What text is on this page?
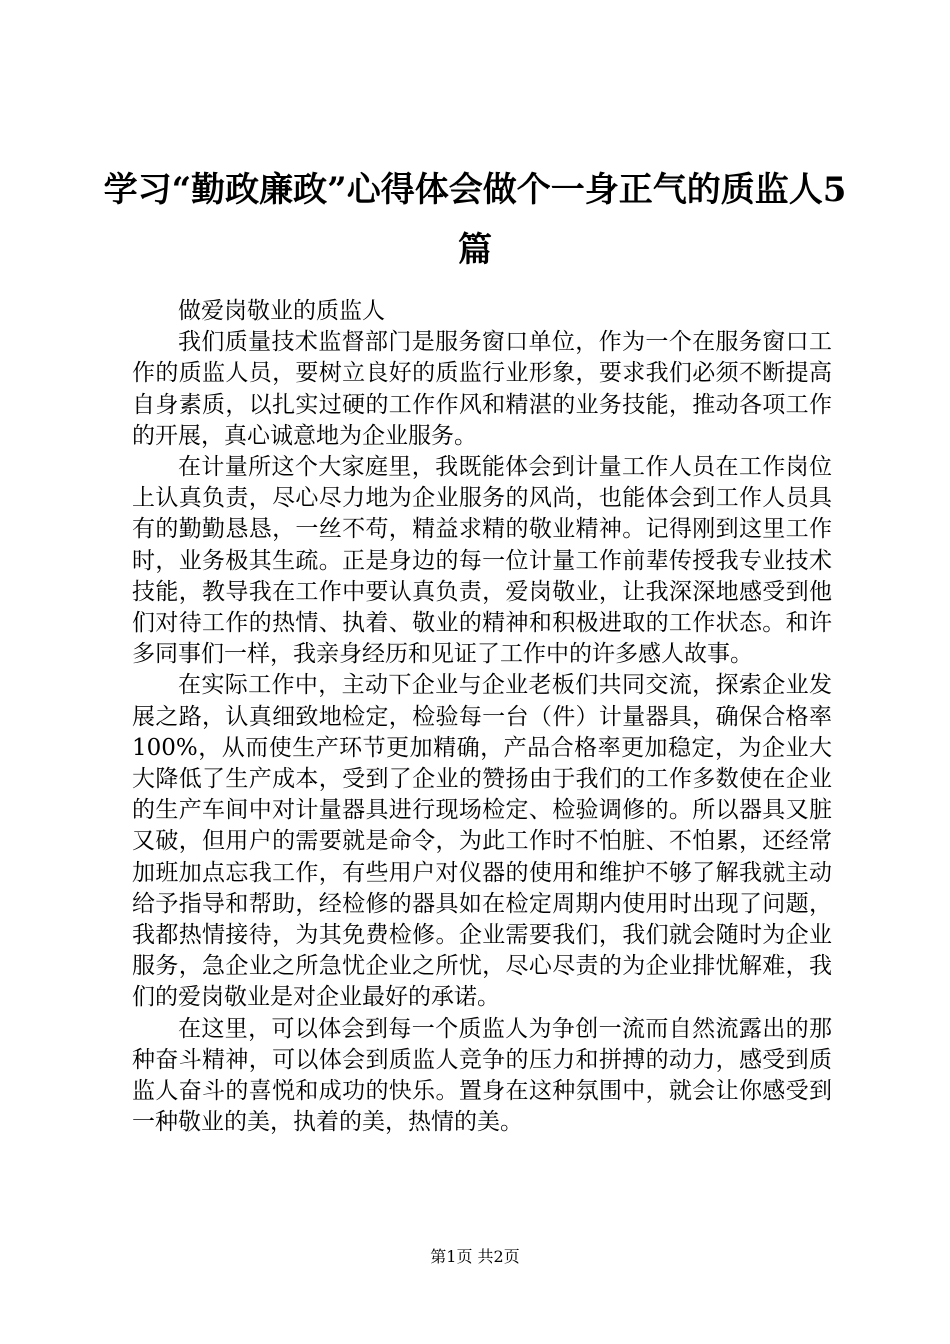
学习“勤政廉政”心得体会做个一身正气的质监人5篇

做爱岗敬业的质监人

我们质量技术监督部门是服务窗口单位，作为一个在服务窗口工作的质监人员，要树立良好的质监行业形象，要求我们必须不断提高自身素质，以扎实过硬的工作作风和精湛的业务技能，推动各项工作的开展，真心诚意地为企业服务。

在计量所这个大家庭里，我既能体会到计量工作人员在工作岗位上认真负责，尽心尽力地为企业服务的风尚，也能体会到工作人员具有的勤勤恳恳，一丝不苟，精益求精的敬业精神。记得刚到这里工作时，业务极其生疏。正是身边的每一位计量工作前辈传授我专业技术技能，教导我在工作中要认真负责，爱岗敬业，让我深深地感受到他们对待工作的热情、执着、敬业的精神和积极进取的工作状态。和许多同事们一样，我亲身经历和见证了工作中的许多感人故事。

在实际工作中，主动下企业与企业老板们共同交流，探索企业发展之路，认真细致地检定，检验每一台（件）计量器具，确保合格率100%，从而使生产环节更加精确，产品合格率更加稳定，为企业大大降低了生产成本，受到了企业的赞扬由于我们的工作多数使在企业的生产车间中对计量器具进行现场检定、检验调修的。所以器具又脏又破，但用户的需要就是命令，为此工作时不怕脏、不怕累，还经常加班加点忘我工作，有些用户对仪器的使用和维护不够了解我就主动给予指导和帮助，经检修的器具如在检定周期内使用时出现了问题，我都热情接待，为其免费检修。企业需要我们，我们就会随时为企业服务，急企业之所急忧企业之所忧，尽心尽责的为企业排忧解难，我们的爱岗敬业是对企业最好的承诺。

在这里，可以体会到每一个质监人为争创一流而自然流露出的那种奋斗精神，可以体会到质监人竞争的压力和拼搏的动力，感受到质监人奋斗的喜悦和成功的快乐。置身在这种氛围中，就会让你感受到一种敬业的美，执着的美，热情的美。

第1页 共2页
